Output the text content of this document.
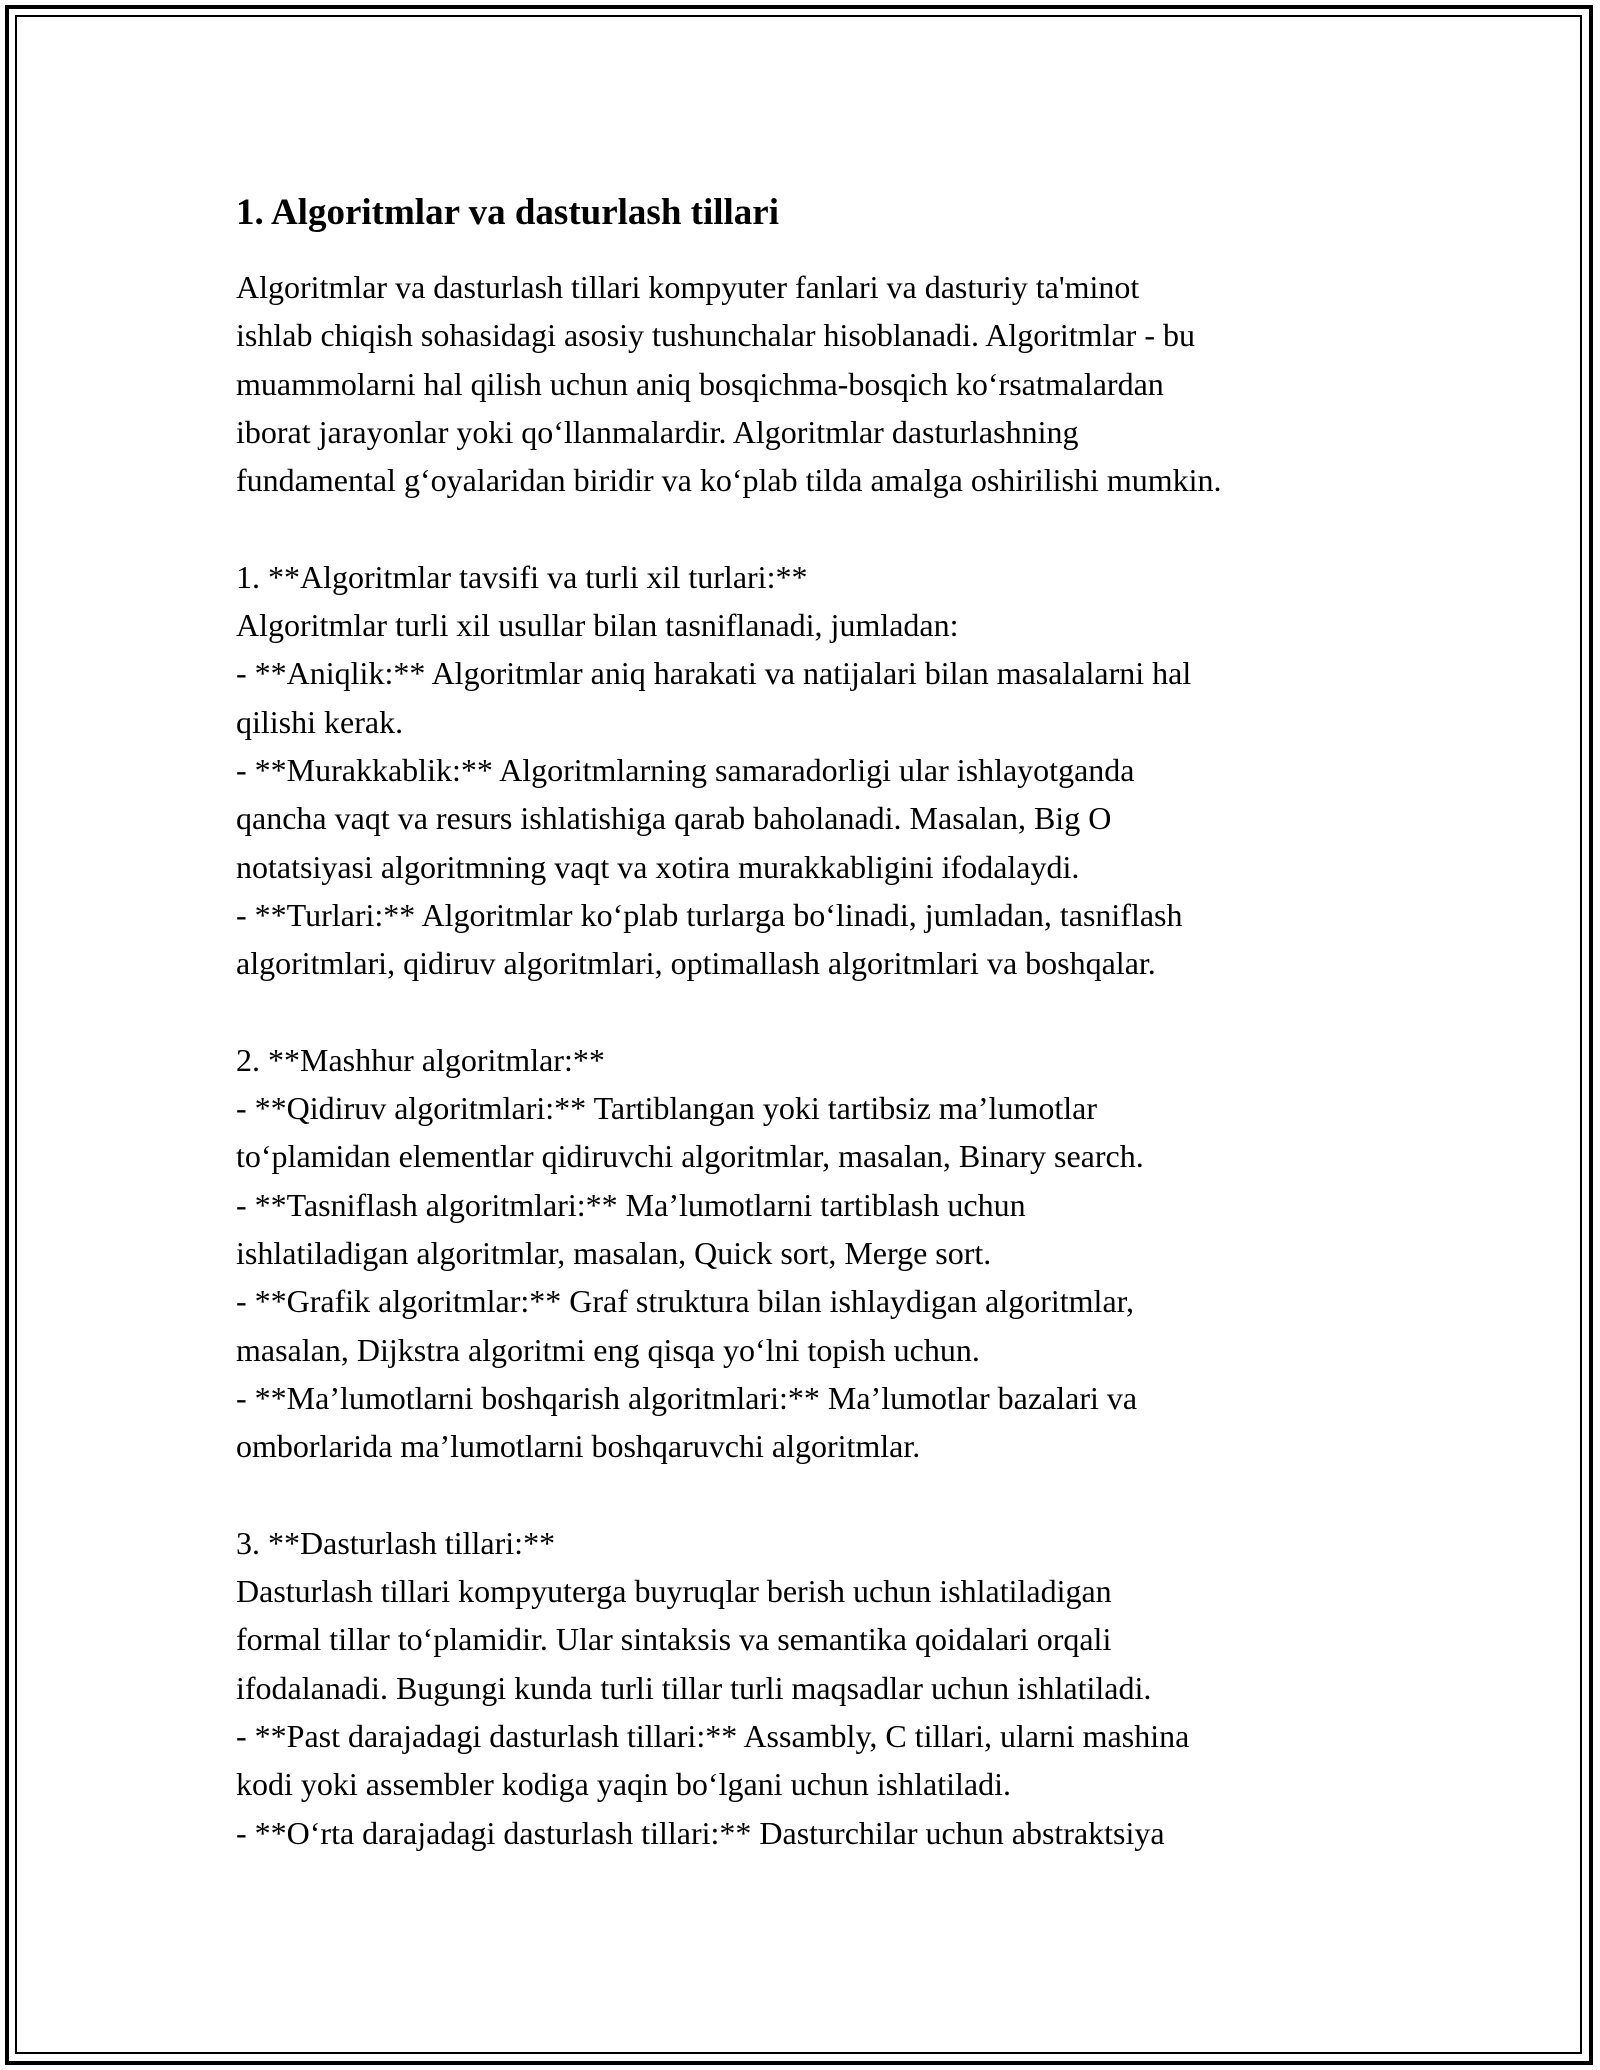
1. Algoritmlar va dasturlash tillari

Algoritmlar va dasturlash tillari kompyuter fanlari va dasturiy ta'minot
ishlab chiqish sohasidagi asosiy tushunchalar hisoblanadi. Algoritmlar - bu
muammolarni hal qilish uchun aniq bosqichma-bosqich ko‘rsatmalardan
iborat jarayonlar yoki qo‘llanmalardir. Algoritmlar dasturlashning
fundamental g‘oyalaridan biridir va ko‘plab tilda amalga oshirilishi mumkin.

1. **Algoritmlar tavsifi va turli xil turlari:**
Algoritmlar turli xil usullar bilan tasniflanadi, jumladan:
- **Aniqlik:** Algoritmlar aniq harakati va natijalari bilan masalalarni hal
qilishi kerak.
- **Murakkablik:** Algoritmlarning samaradorligi ular ishlayotganda
qancha vaqt va resurs ishlatishiga qarab baholanadi. Masalan, Big O
notatsiyasi algoritmning vaqt va xotira murakkabligini ifodalaydi.
- **Turlari:** Algoritmlar ko‘plab turlarga bo‘linadi, jumladan, tasniflash
algoritmlari, qidiruv algoritmlari, optimallash algoritmlari va boshqalar.

2. **Mashhur algoritmlar:**
- **Qidiruv algoritmlari:** Tartiblangan yoki tartibsiz ma’lumotlar
to‘plamidan elementlar qidiruvchi algoritmlar, masalan, Binary search.
- **Tasniflash algoritmlari:** Ma’lumotlarni tartiblash uchun
ishlatiladigan algoritmlar, masalan, Quick sort, Merge sort.
- **Grafik algoritmlar:** Graf struktura bilan ishlaydigan algoritmlar,
masalan, Dijkstra algoritmi eng qisqa yo‘lni topish uchun.
- **Ma’lumotlarni boshqarish algoritmlari:** Ma’lumotlar bazalari va
omborlarida ma’lumotlarni boshqaruvchi algoritmlar.

3. **Dasturlash tillari:**
Dasturlash tillari kompyuterga buyruqlar berish uchun ishlatiladigan
formal tillar to‘plamidir. Ular sintaksis va semantika qoidalari orqali
ifodalanadi. Bugungi kunda turli tillar turli maqsadlar uchun ishlatiladi.
- **Past darajadagi dasturlash tillari:** Assambly, C tillari, ularni mashina
kodi yoki assembler kodiga yaqin bo‘lgani uchun ishlatiladi.
- **O‘rta darajadagi dasturlash tillari:** Dasturchilar uchun abstraktsiya
